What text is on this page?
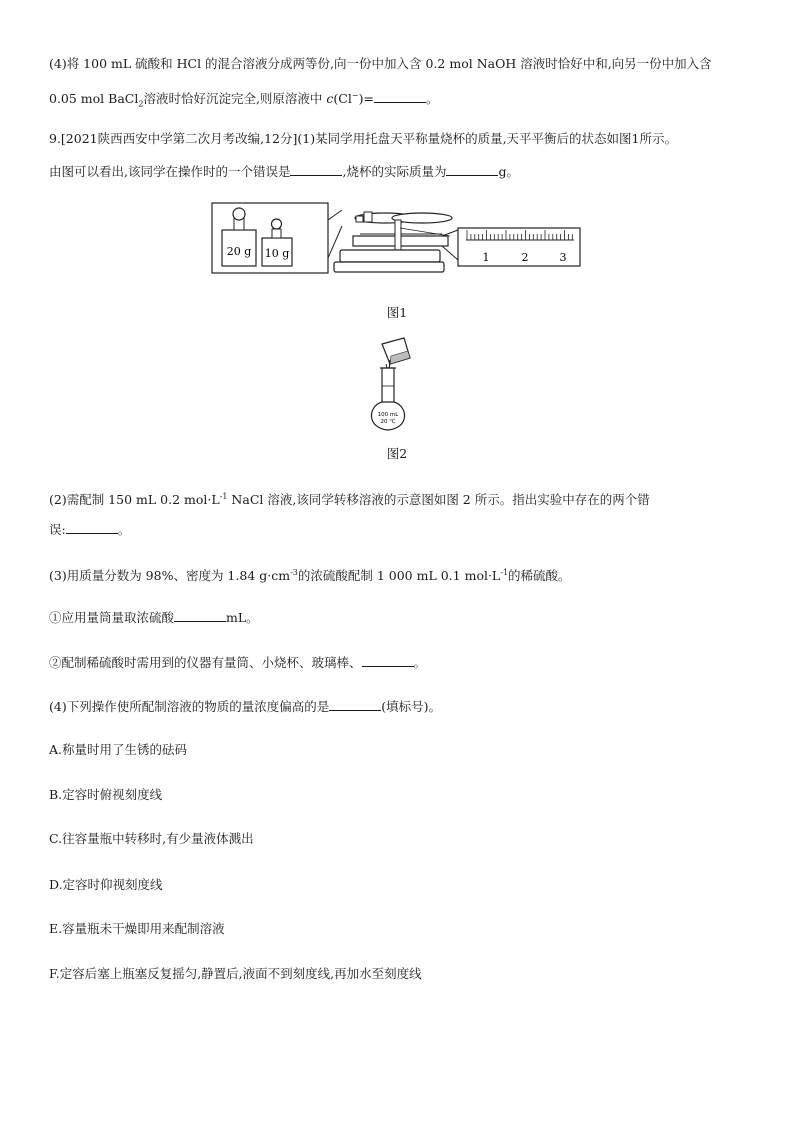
(4)将 100 mL 硫酸和 HCl 的混合溶液分成两等份,向一份中加入含 0.2 mol NaOH 溶液时恰好中和,向另一份中加入含
0.05 mol BaCl$_2$溶液时恰好沉淀完全,则原溶液中 c(Cl−)=	。
9.[2021陕西西安中学第二次月考改编,12分](1)某同学用托盘天平称量烧杯的质量,天平平衡后的状态如图1所示。
由图可以看出,该同学在操作时的一个错误是	,烧杯的实际质量为	g。
20 g 10 g	1	2	3
图1
100 mL
20 ℃
图2
(2)需配制 150 mL 0.2 $mol\cdot L^{-1}$ NaCl 溶液,该同学转移溶液的示意图如图 2 所示。指出实验中存在的两个错
误:	。
(3)用质量分数为 98%、密度为 1.84 $g\cdot cm^{-3}$的浓硫酸配制 1 000 mL 0.1 $mol\cdot L^{-1}$的稀硫酸。
①应用量筒量取浓硫酸	mL。
②配制稀硫酸时需用到的仪器有量筒、小烧杯、玻璃棒、	。
(4)下列操作使所配制溶液的物质的量浓度偏高的是	(填标号)。
A.称量时用了生锈的砝码
B.定容时俯视刻度线
C.往容量瓶中转移时,有少量液体溅出
D.定容时仰视刻度线
E.容量瓶未干燥即用来配制溶液
F.定容后塞上瓶塞反复摇匀,静置后,液面不到刻度线,再加水至刻度线
